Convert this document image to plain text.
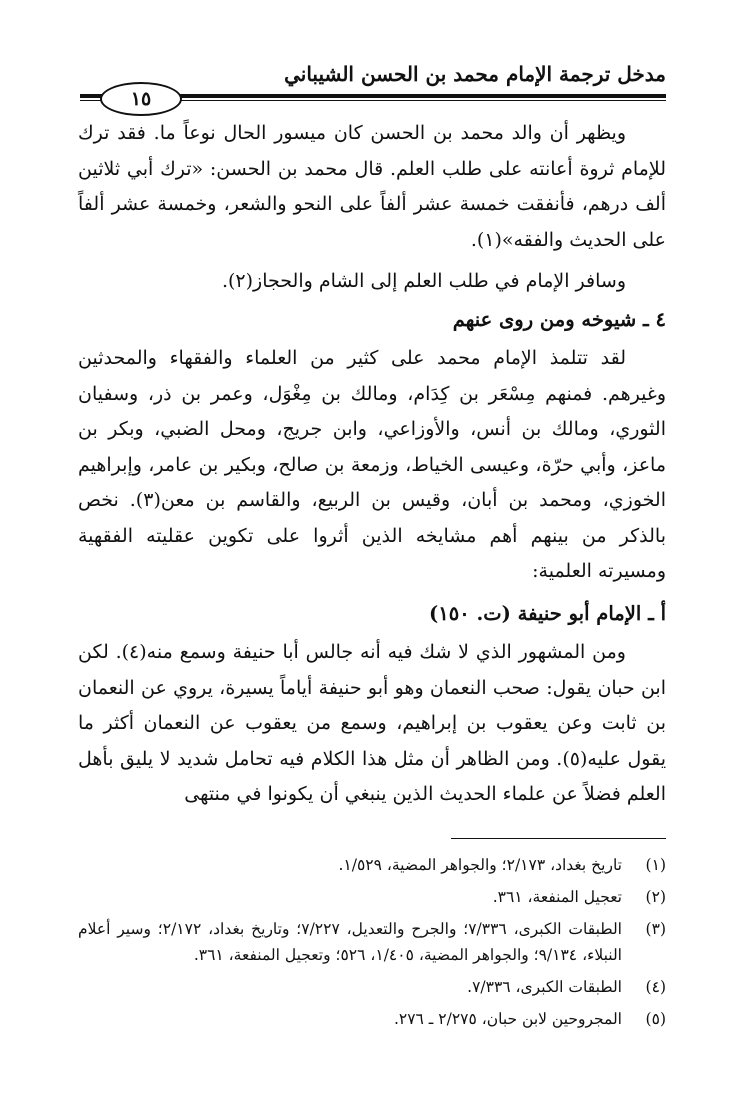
مدخل ترجمة الإمام محمد بن الحسن الشيباني
١٥

ويظهر أن والد محمد بن الحسن كان ميسور الحال نوعاً ما. فقد ترك للإمام ثروة أعانته على طلب العلم. قال محمد بن الحسن: «ترك أبي ثلاثين ألف درهم، فأنفقت خمسة عشر ألفاً على النحو والشعر، وخمسة عشر ألفاً على الحديث والفقه»(١).

وسافر الإمام في طلب العلم إلى الشام والحجاز(٢).

٤ ـ شيوخه ومن روى عنهم

لقد تتلمذ الإمام محمد على كثير من العلماء والفقهاء والمحدثين وغيرهم. فمنهم مِسْعَر بن كِدَام، ومالك بن مِغْوَل، وعمر بن ذر، وسفيان الثوري، ومالك بن أنس، والأوزاعي، وابن جريج، ومحل الضبي، وبكر بن ماعز، وأبي حرّة، وعيسى الخياط، وزمعة بن صالح، وبكير بن عامر، وإبراهيم الخوزي، ومحمد بن أبان، وقيس بن الربيع، والقاسم بن معن(٣). نخص بالذكر من بينهم أهم مشايخه الذين أثروا على تكوين عقليته الفقهية ومسيرته العلمية:

أ ـ الإمام أبو حنيفة (ت. ١٥٠)

ومن المشهور الذي لا شك فيه أنه جالس أبا حنيفة وسمع منه(٤). لكن ابن حبان يقول: صحب النعمان وهو أبو حنيفة أياماً يسيرة، يروي عن النعمان بن ثابت وعن يعقوب بن إبراهيم، وسمع من يعقوب عن النعمان أكثر ما يقول عليه(٥). ومن الظاهر أن مثل هذا الكلام فيه تحامل شديد لا يليق بأهل العلم فضلاً عن علماء الحديث الذين ينبغي أن يكونوا في منتهى

(١)
تاريخ بغداد، ٢/١٧٣؛ والجواهر المضية، ١/٥٢٩.
(٢)
تعجيل المنفعة، ٣٦١.
(٣)
الطبقات الكبرى، ٧/٣٣٦؛ والجرح والتعديل، ٧/٢٢٧؛ وتاريخ بغداد، ٢/١٧٢؛ وسير أعلام النبلاء، ٩/١٣٤؛ والجواهر المضية، ١/٤٠٥، ٥٢٦؛ وتعجيل المنفعة، ٣٦١.
(٤)
الطبقات الكبرى، ٧/٣٣٦.
(٥)
المجروحين لابن حبان، ٢/٢٧٥ ـ ٢٧٦.
